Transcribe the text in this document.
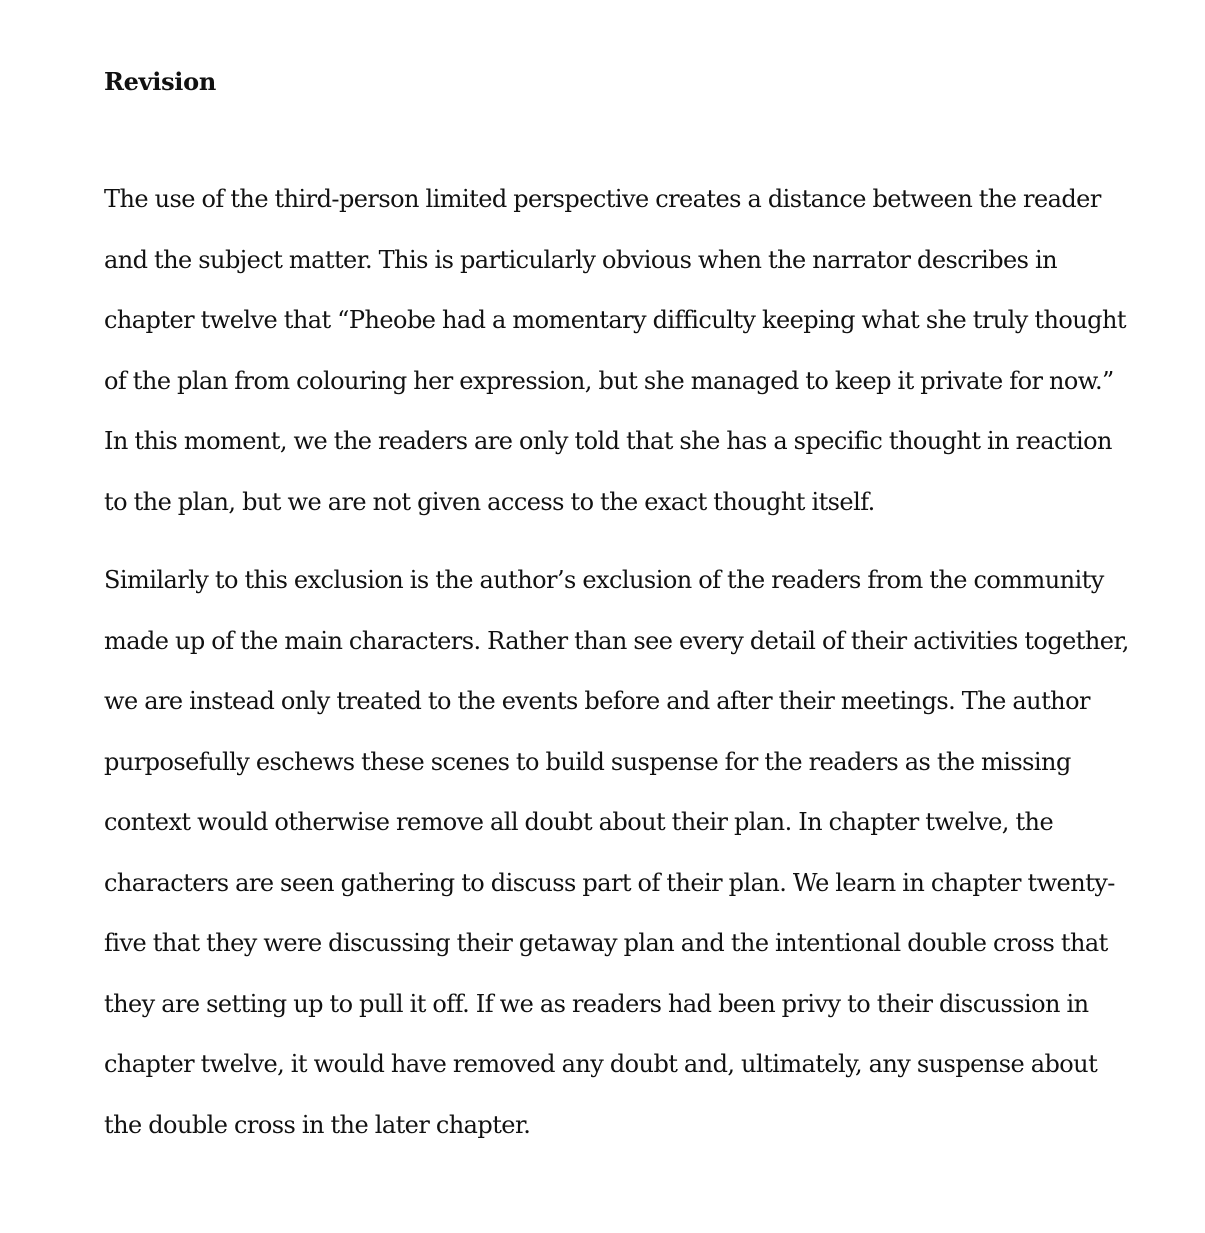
Revision

The use of the third-person limited perspective creates a distance between the reader
and the subject matter. This is particularly obvious when the narrator describes in
chapter twelve that “Pheobe had a momentary difficulty keeping what she truly thought
of the plan from colouring her expression, but she managed to keep it private for now.”
In this moment, we the readers are only told that she has a specific thought in reaction
to the plan, but we are not given access to the exact thought itself.

Similarly to this exclusion is the author’s exclusion of the readers from the community
made up of the main characters. Rather than see every detail of their activities together,
we are instead only treated to the events before and after their meetings. The author
purposefully eschews these scenes to build suspense for the readers as the missing
context would otherwise remove all doubt about their plan. In chapter twelve, the
characters are seen gathering to discuss part of their plan. We learn in chapter twenty-
five that they were discussing their getaway plan and the intentional double cross that
they are setting up to pull it off. If we as readers had been privy to their discussion in
chapter twelve, it would have removed any doubt and, ultimately, any suspense about
the double cross in the later chapter.
